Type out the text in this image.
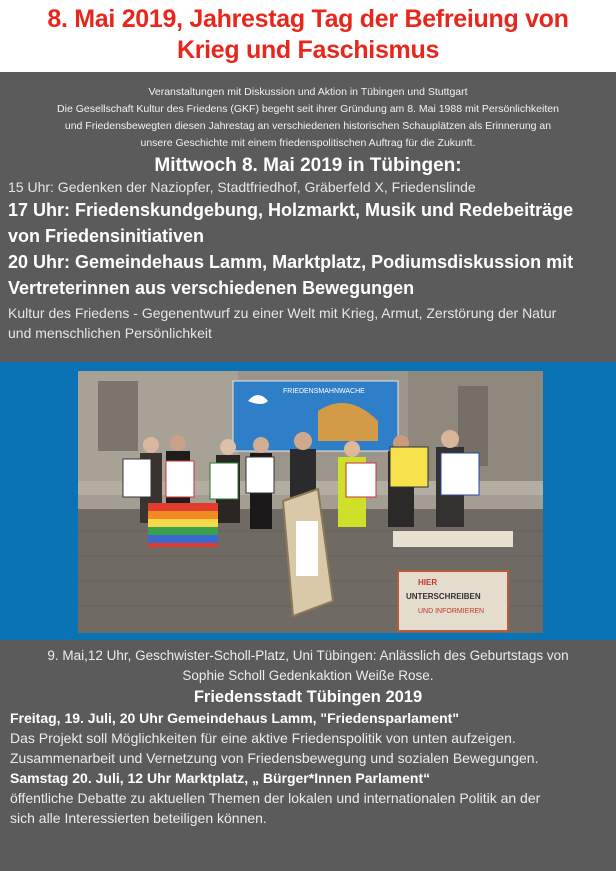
8. Mai 2019, Jahrestag Tag der Befreiung von
Krieg und Faschismus

Veranstaltungen mit Diskussion und Aktion in Tübingen und Stuttgart

Die Gesellschaft Kultur des Friedens (GKF) begeht seit ihrer Gründung am 8. Mai 1988 mit Persönlichkeiten

und Friedensbewegten diesen Jahrestag an verschiedenen historischen Schauplätzen als Erinnerung an

unsere Geschichte mit einem friedenspolitischen Auftrag für die Zukunft.

Mittwoch 8. Mai 2019 in Tübingen:
15 Uhr: Gedenken der Naziopfer, Stadtfriedhof, Gräberfeld X, Friedenslinde
17 Uhr: Friedenskundgebung, Holzmarkt, Musik und Redebeiträge
von Friedensinitiativen
20 Uhr: Gemeindehaus Lamm, Marktplatz, Podiumsdiskussion mit
Vertreterinnen aus verschiedenen Bewegungen
Kultur des Friedens - Gegenentwurf zu einer Welt mit Krieg, Armut, Zerstörung der Natur
und menschlichen Persönlichkeit
FRIEDENSMAHNWACHE
HIER
UNTERSCHREIBEN
UND INFORMIEREN
9. Mai,12 Uhr, Geschwister-Scholl-Platz, Uni Tübingen: Anlässlich des Geburtstags von
Sophie Scholl Gedenkaktion Weiße Rose.
Friedensstadt Tübingen 2019
Freitag, 19. Juli, 20 Uhr Gemeindehaus Lamm, "Friedensparlament"
Das Projekt soll Möglichkeiten für eine aktive Friedenspolitik von unten aufzeigen.
Zusammenarbeit und Vernetzung von Friedensbewegung und sozialen Bewegungen.
Samstag 20. Juli, 12 Uhr Marktplatz, „ Bürger*Innen Parlament“
öffentliche Debatte zu aktuellen Themen der lokalen und internationalen Politik an der
sich alle Interessierten beteiligen können.
